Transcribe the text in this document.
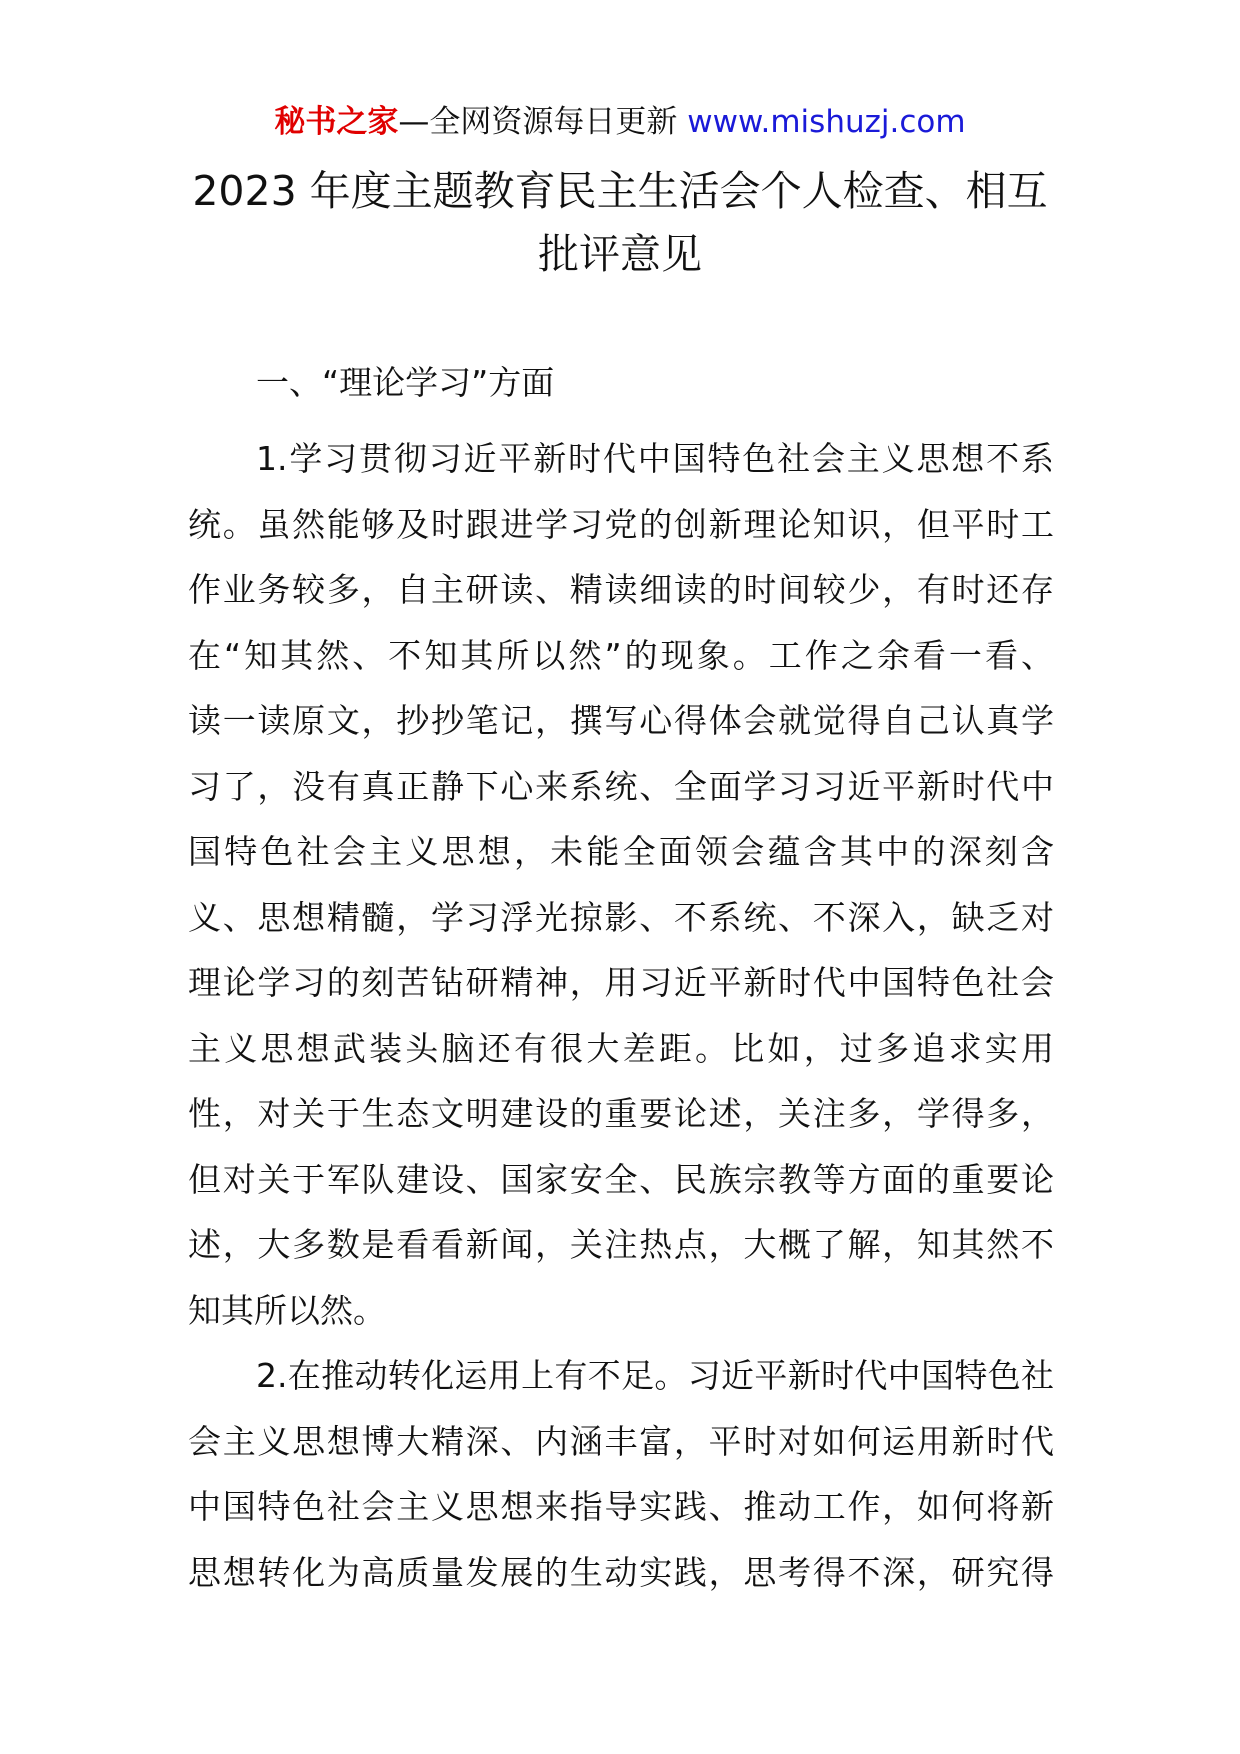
秘书之家—全网资源每日更新 www.mishuzj.com
2023 年度主题教育民主生活会个人检查、相互
批评意见
一、“理论学习”方面
1.学习贯彻习近平新时代中国特色社会主义思想不系
统。虽然能够及时跟进学习党的创新理论知识，但平时工
作业务较多，自主研读、精读细读的时间较少，有时还存
在“知其然、不知其所以然”的现象。工作之余看一看、
读一读原文，抄抄笔记，撰写心得体会就觉得自己认真学
习了，没有真正静下心来系统、全面学习习近平新时代中
国特色社会主义思想，未能全面领会蕴含其中的深刻含
义、思想精髓，学习浮光掠影、不系统、不深入，缺乏对
理论学习的刻苦钻研精神，用习近平新时代中国特色社会
主义思想武装头脑还有很大差距。比如，过多追求实用
性，对关于生态文明建设的重要论述，关注多，学得多，
但对关于军队建设、国家安全、民族宗教等方面的重要论
述，大多数是看看新闻，关注热点，大概了解，知其然不
知其所以然。
2.在推动转化运用上有不足。习近平新时代中国特色社
会主义思想博大精深、内涵丰富，平时对如何运用新时代
中国特色社会主义思想来指导实践、推动工作，如何将新
思想转化为高质量发展的生动实践，思考得不深，研究得
